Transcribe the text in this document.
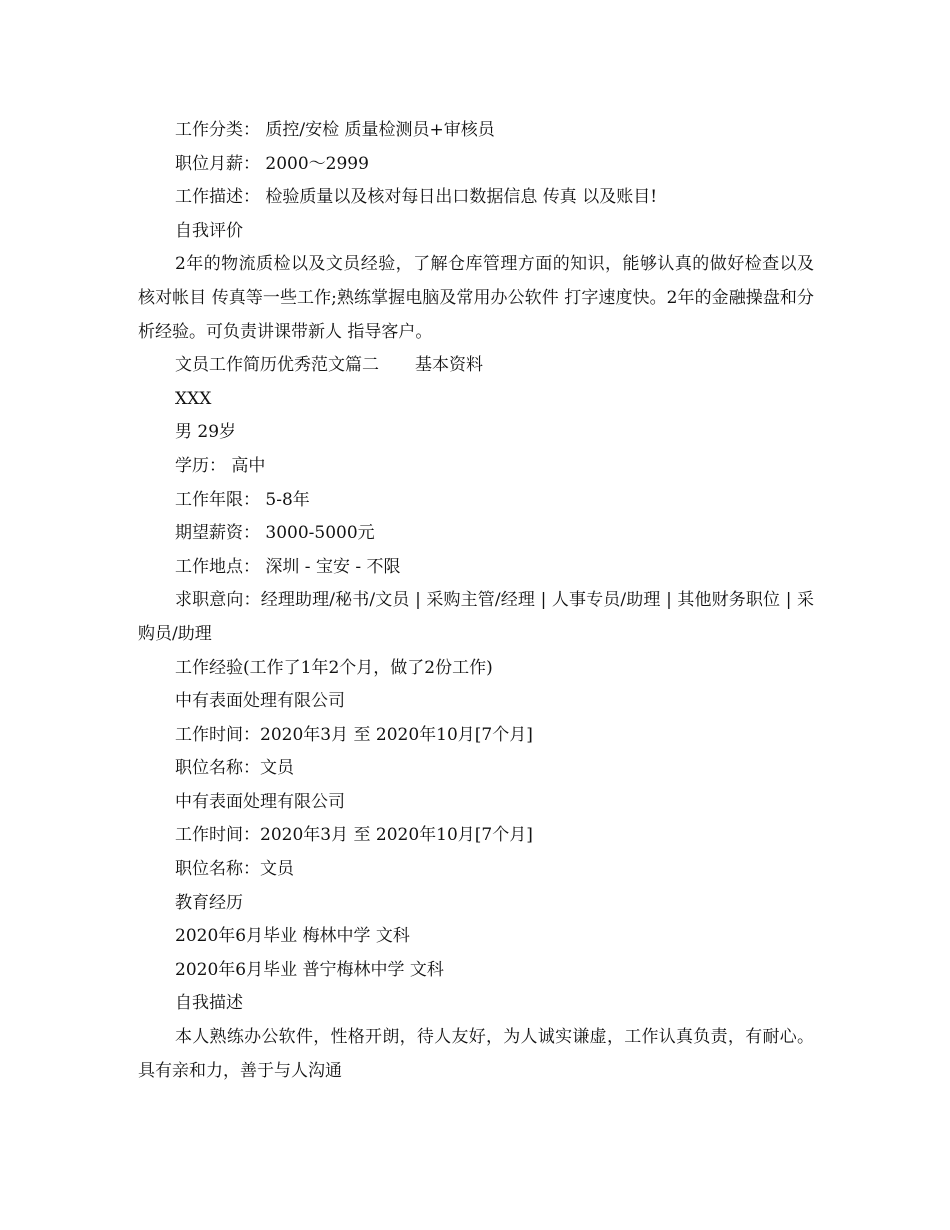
工作分类： 质控/安检 质量检测员+审核员
职位月薪： 2000～2999
工作描述： 检验质量以及核对每日出口数据信息 传真 以及账目!
自我评价
2年的物流质检以及文员经验，了解仓库管理方面的知识，能够认真的做好检查以及核对帐目 传真等一些工作;熟练掌握电脑及常用办公软件 打字速度快。2年的金融操盘和分析经验。可负责讲课带新人 指导客户。
文员工作简历优秀范文篇二 基本资料
XXX
男 29岁
学历： 高中
工作年限： 5-8年
期望薪资： 3000-5000元
工作地点： 深圳 - 宝安 - 不限
求职意向：经理助理/秘书/文员 | 采购主管/经理 | 人事专员/助理 | 其他财务职位 | 采购员/助理
工作经验(工作了1年2个月，做了2份工作)
中有表面处理有限公司
工作时间：2020年3月 至 2020年10月[7个月]
职位名称：文员
中有表面处理有限公司
工作时间：2020年3月 至 2020年10月[7个月]
职位名称：文员
教育经历
2020年6月毕业 梅林中学 文科
2020年6月毕业 普宁梅林中学 文科
自我描述
本人熟练办公软件，性格开朗，待人友好，为人诚实谦虚，工作认真负责，有耐心。具有亲和力，善于与人沟通
